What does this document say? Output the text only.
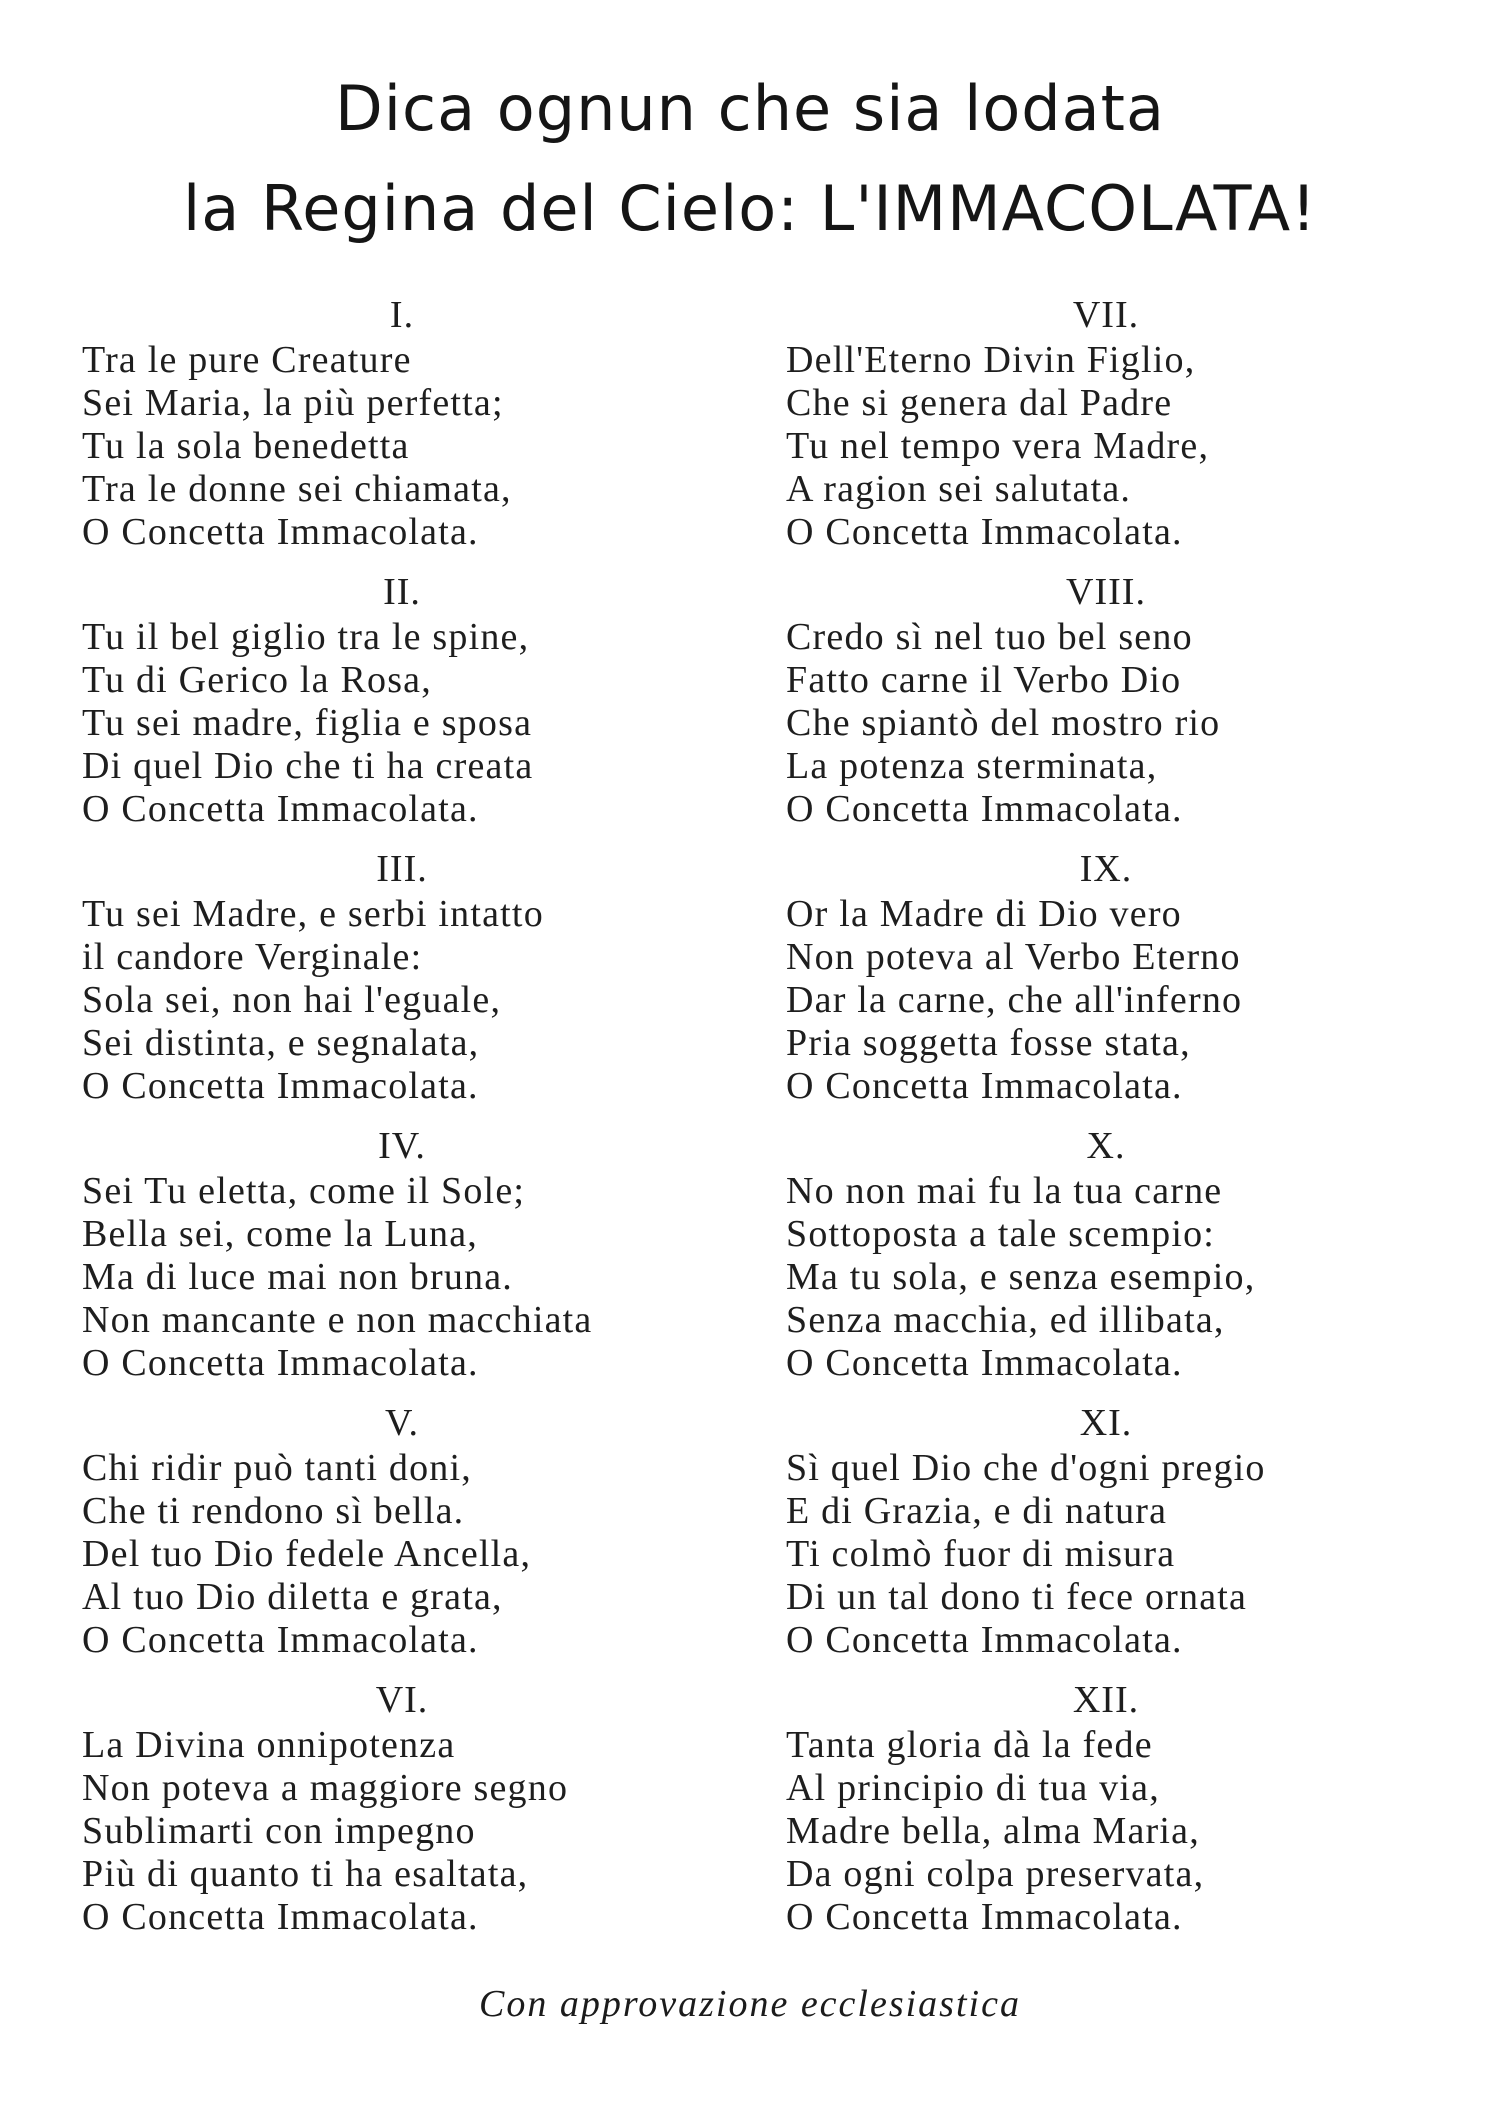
Dica ognun che sia lodata
la Regina del Cielo: L'IMMACOLATA!
I.
Tra le pure Creature
Sei Maria, la più perfetta;
Tu la sola benedetta
Tra le donne sei chiamata,
O Concetta Immacolata.
II.
Tu il bel giglio tra le spine,
Tu di Gerico la Rosa,
Tu sei madre, figlia e sposa
Di quel Dio che ti ha creata
O Concetta Immacolata.
III.
Tu sei Madre, e serbi intatto
il candore Verginale:
Sola sei, non hai l'eguale,
Sei distinta, e segnalata,
O Concetta Immacolata.
IV.
Sei Tu eletta, come il Sole;
Bella sei, come la Luna,
Ma di luce mai non bruna.
Non mancante e non macchiata
O Concetta Immacolata.
V.
Chi ridir può tanti doni,
Che ti rendono sì bella.
Del tuo Dio fedele Ancella,
Al tuo Dio diletta e grata,
O Concetta Immacolata.
VI.
La Divina onnipotenza
Non poteva a maggiore segno
Sublimarti con impegno
Più di quanto ti ha esaltata,
O Concetta Immacolata.
VII.
Dell'Eterno Divin Figlio,
Che si genera dal Padre
Tu nel tempo vera Madre,
A ragion sei salutata.
O Concetta Immacolata.
VIII.
Credo sì nel tuo bel seno
Fatto carne il Verbo Dio
Che spiantò del mostro rio
La potenza sterminata,
O Concetta Immacolata.
IX.
Or la Madre di Dio vero
Non poteva al Verbo Eterno
Dar la carne, che all'inferno
Pria soggetta fosse stata,
O Concetta Immacolata.
X.
No non mai fu la tua carne
Sottoposta a tale scempio:
Ma tu sola, e senza esempio,
Senza macchia, ed illibata,
O Concetta Immacolata.
XI.
Sì quel Dio che d'ogni pregio
E di Grazia, e di natura
Ti colmò fuor di misura
Di un tal dono ti fece ornata
O Concetta Immacolata.
XII.
Tanta gloria dà la fede
Al principio di tua via,
Madre bella, alma Maria,
Da ogni colpa preservata,
O Concetta Immacolata.
Con approvazione ecclesiastica
